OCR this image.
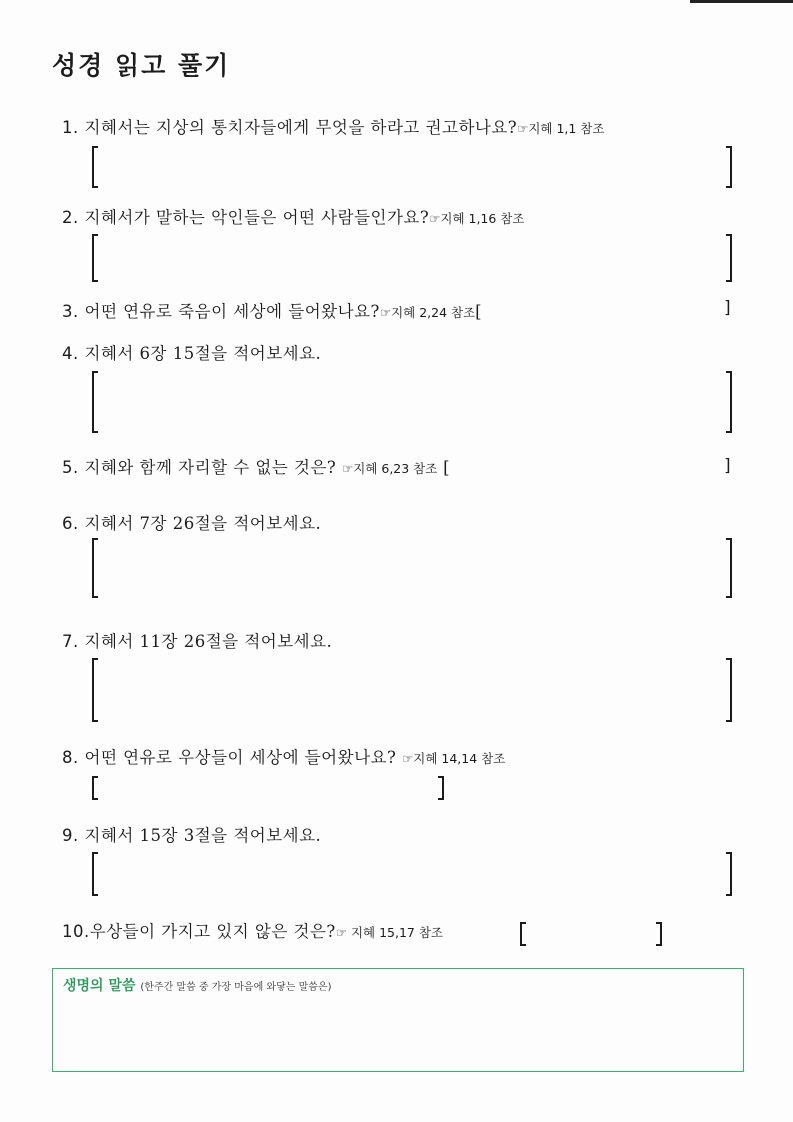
성경 읽고 풀기
1. 지혜서는 지상의 통치자들에게 무엇을 하라고 권고하나요?☞지혜 1,1 참조
2. 지혜서가 말하는 악인들은 어떤 사람들인가요?☞지혜 1,16 참조
3. 어떤 연유로 죽음이 세상에 들어왔나요?☞지혜 2,24 참조[	]
4. 지혜서 6장 15절을 적어보세요.
5. 지혜와 함께 자리할 수 없는 것은? ☞지혜 6,23 참조 [	]
6. 지혜서 7장 26절을 적어보세요.
7. 지혜서 11장 26절을 적어보세요.
8. 어떤 연유로 우상들이 세상에 들어왔나요? ☞지혜 14,14 참조
9. 지혜서 15장 3절을 적어보세요.
10.우상들이 가지고 있지 않은 것은?☞ 지혜 15,17 참조
생명의 말씀 (한주간 말씀 중 가장 마음에 와닿는 말씀은)
